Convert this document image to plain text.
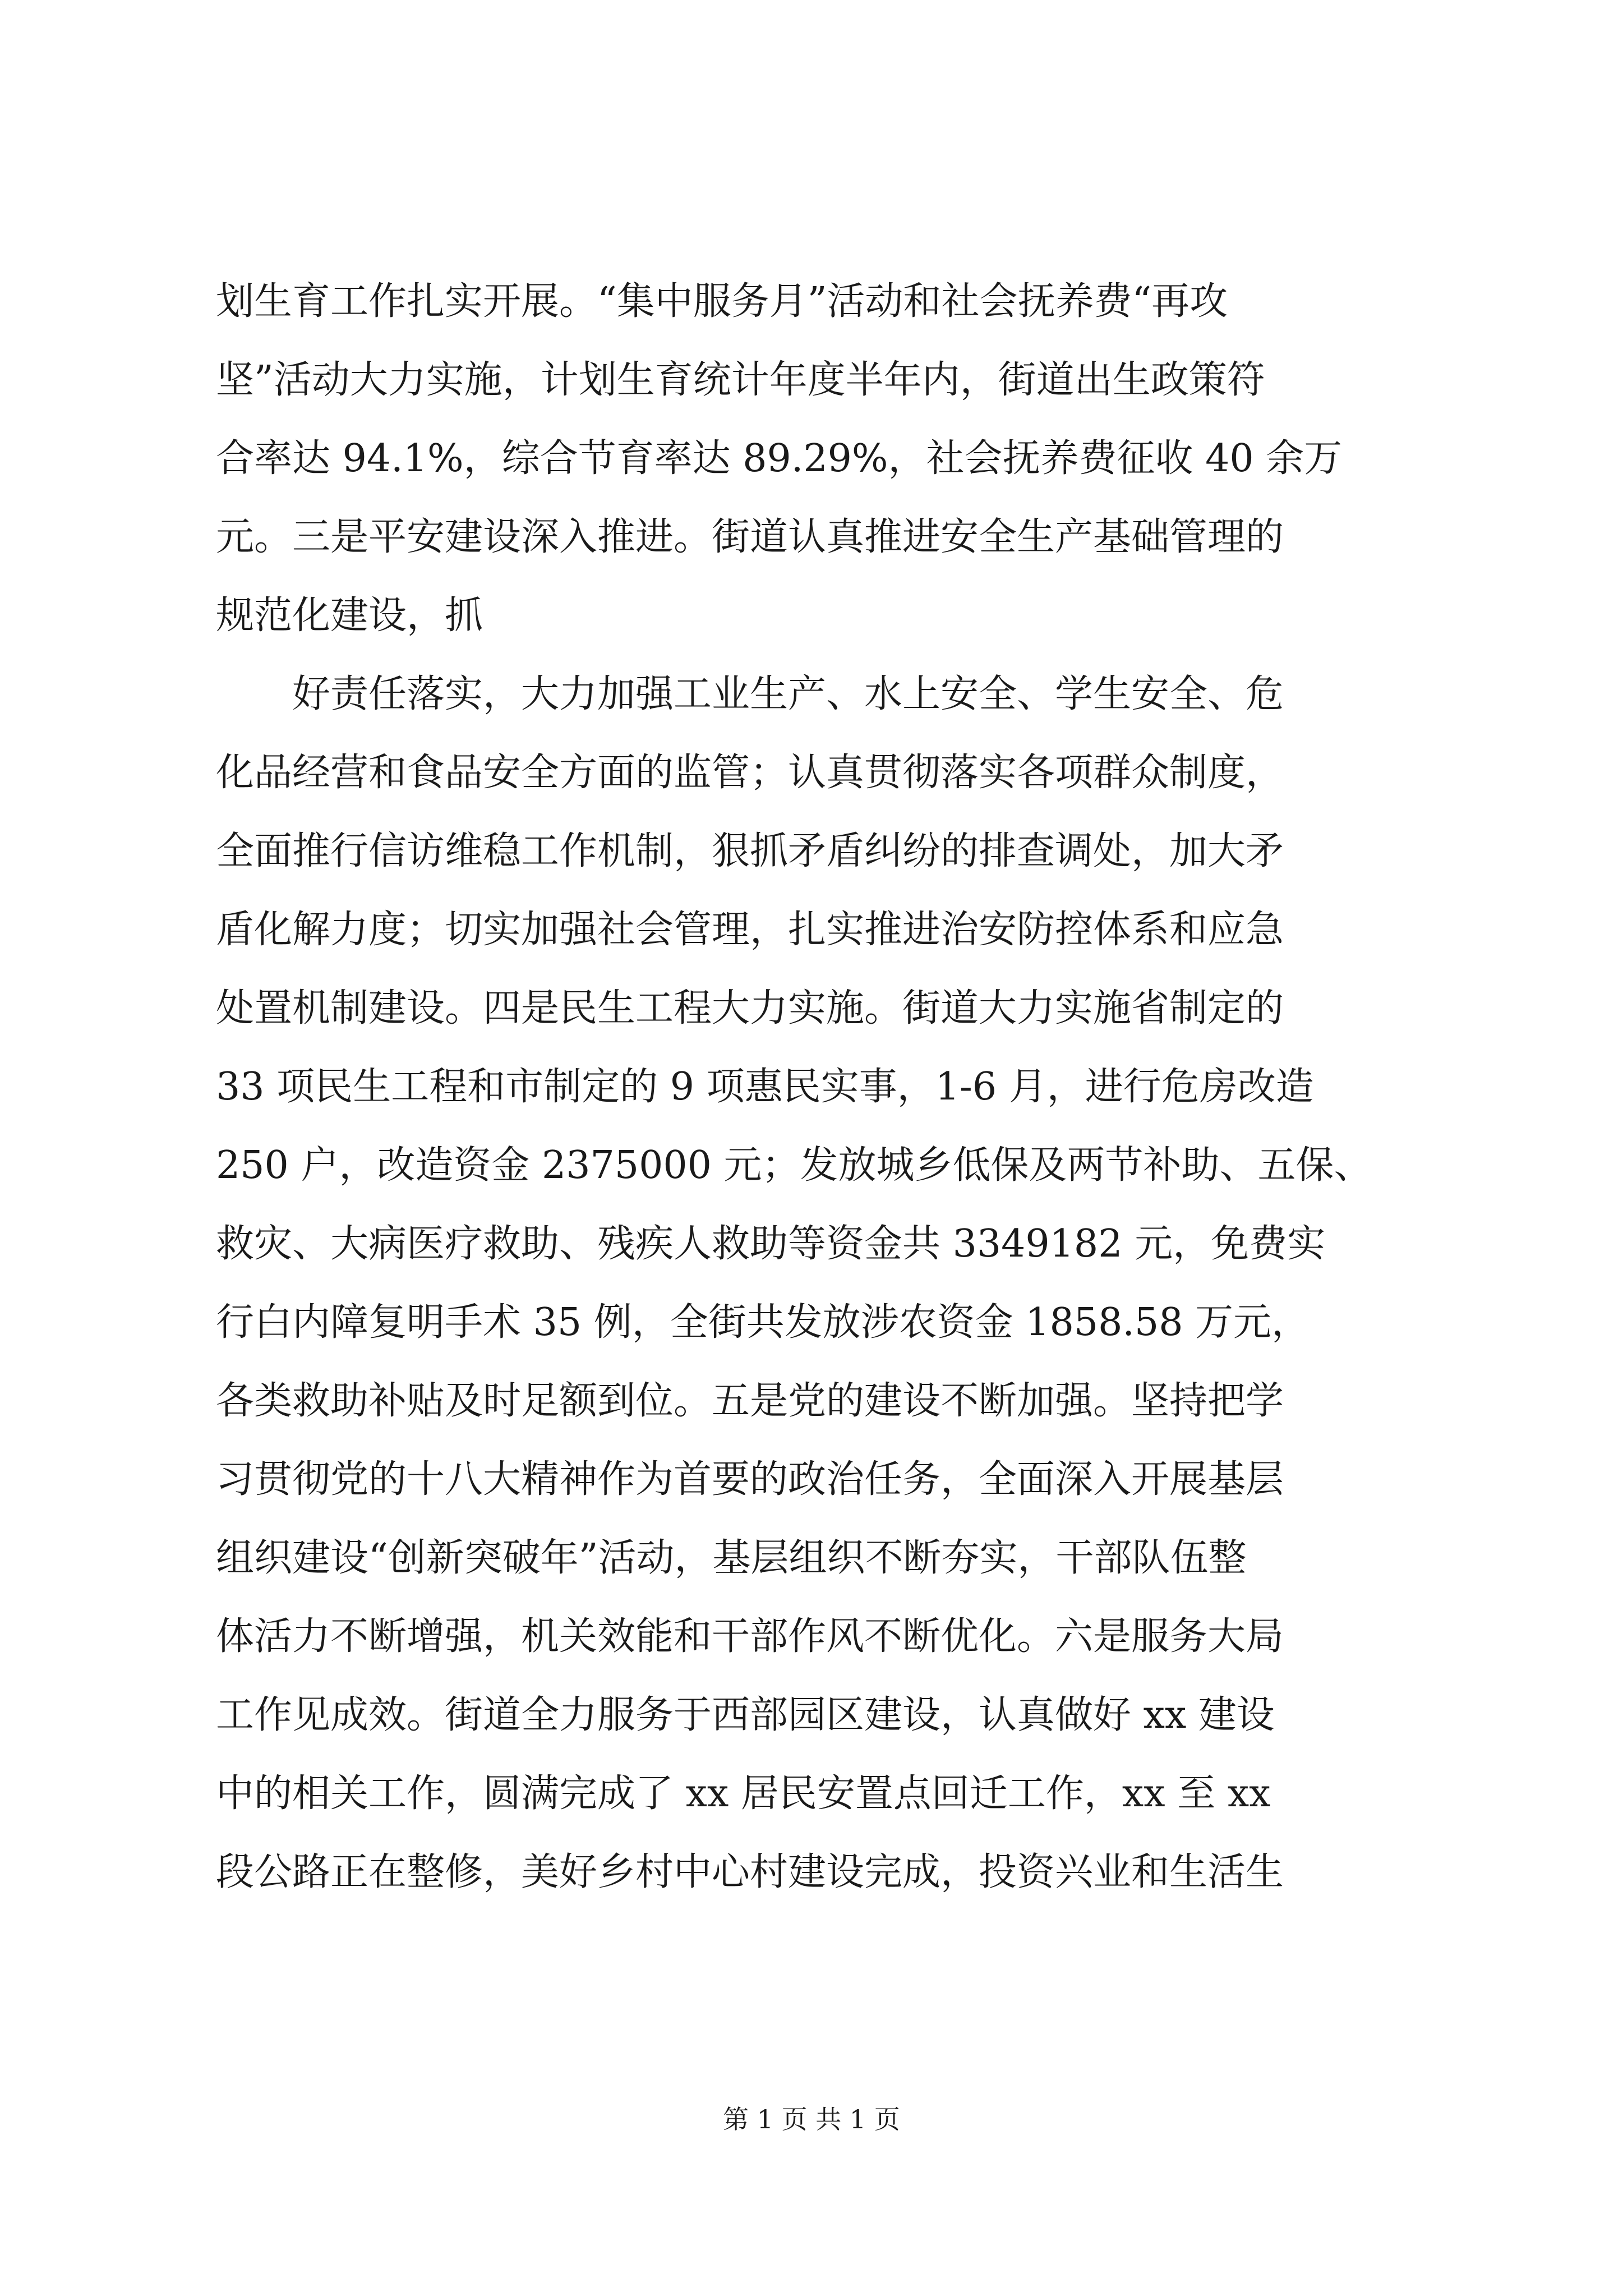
划生育工作扎实开展。“集中服务月”活动和社会抚养费“再攻
坚”活动大力实施，计划生育统计年度半年内，街道出生政策符
合率达 94.1%，综合节育率达 89.29%，社会抚养费征收 40 余万
元。三是平安建设深入推进。街道认真推进安全生产基础管理的
规范化建设，抓
好责任落实，大力加强工业生产、水上安全、学生安全、危
化品经营和食品安全方面的监管；认真贯彻落实各项群众制度，
全面推行信访维稳工作机制，狠抓矛盾纠纷的排查调处，加大矛
盾化解力度；切实加强社会管理，扎实推进治安防控体系和应急
处置机制建设。四是民生工程大力实施。街道大力实施省制定的
33 项民生工程和市制定的 9 项惠民实事，1-6 月，进行危房改造
250 户，改造资金 2375000 元；发放城乡低保及两节补助、五保、
救灾、大病医疗救助、残疾人救助等资金共 3349182 元，免费实
行白内障复明手术 35 例，全街共发放涉农资金 1858.58 万元，
各类救助补贴及时足额到位。五是党的建设不断加强。坚持把学
习贯彻党的十八大精神作为首要的政治任务，全面深入开展基层
组织建设“创新突破年”活动，基层组织不断夯实，干部队伍整
体活力不断增强，机关效能和干部作风不断优化。六是服务大局
工作见成效。街道全力服务于西部园区建设，认真做好 xx 建设
中的相关工作，圆满完成了 xx 居民安置点回迁工作，xx 至 xx
段公路正在整修，美好乡村中心村建设完成，投资兴业和生活生
第 1 页 共 1 页
